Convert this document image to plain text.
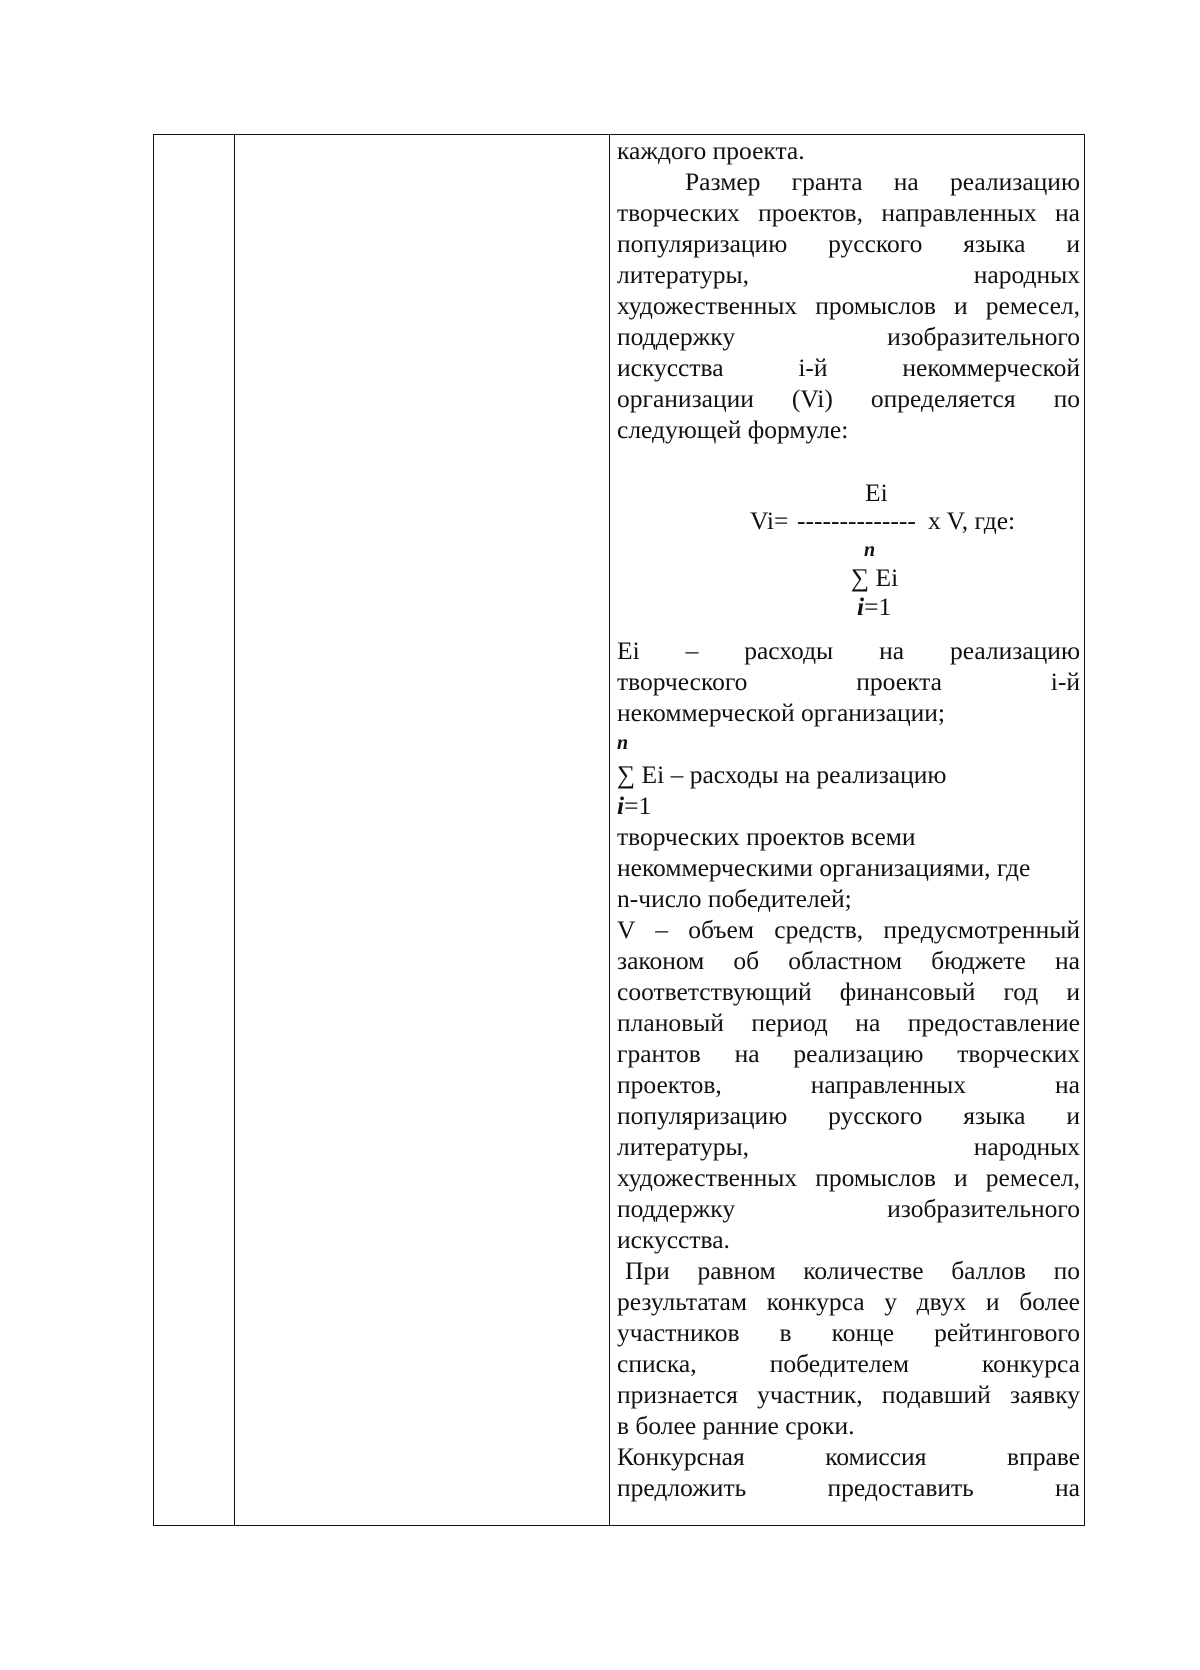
каждого проекта.
Размер гранта на реализацию
творческих проектов, направленных на
популяризацию русского языка и
литературы, народных
художественных промыслов и ремесел,
поддержку изобразительного
искусства i-й некоммерческой
организации (Vi) определяется по
следующей формуле:
Ei
Vi= -------------- x V, где:
n
∑ Ei
i=1
Ei – расходы на реализацию
творческого проекта i-й
некоммерческой организации;
n
∑ Ei – расходы на реализацию
i=1
творческих проектов всеми
некоммерческими организациями, где
n-число победителей;
V – объем средств, предусмотренный
законом об областном бюджете на
соответствующий финансовый год и
плановый период на предоставление
грантов на реализацию творческих
проектов, направленных на
популяризацию русского языка и
литературы, народных
художественных промыслов и ремесел,
поддержку изобразительного
искусства.
При равном количестве баллов по
результатам конкурса у двух и более
участников в конце рейтингового
списка, победителем конкурса
признается участник, подавший заявку
в более ранние сроки.
Конкурсная комиссия вправе
предложить предоставить на
